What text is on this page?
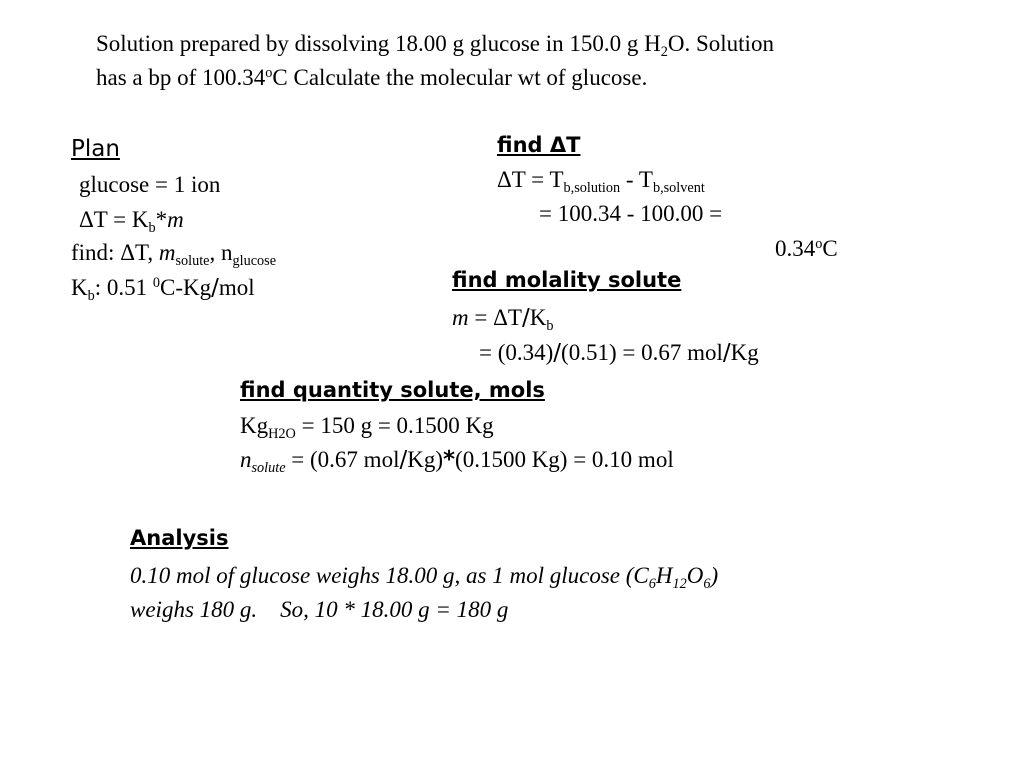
Solution prepared by dissolving 18.00 g glucose in 150.0 g $H_2O$. Solution
has a bp of 100.34$^o$C Calculate the molecular wt of glucose.
Plan
glucose = 1 ion
$\Delta T = K_b*m$
find: ΔT, $m_{solute}$, $n_{glucose}$
$K_b$: 0.51 $^0$C-Kg/mol
find ΔT
$\Delta T = T_{b,solution} - T_{b,solvent}$
= 100.34 - 100.00 =
$0.34^oC$
find molality solute
$m = \Delta T/K_b$
= (0.34)/(0.51) = 0.67 mol/Kg
find quantity solute, mols
$Kg_{H2O} = 150$ g = 0.1500 Kg
$n_{solute} = (0.67$ mol/Kg)*(0.1500 Kg) = 0.10 mol
Analysis
0.10 mol of glucose weighs 18.00 g, as 1 mol glucose $(C_6H_{12}O_6)$
weighs 180 g.    So, 10 * 18.00 g = 180 g
